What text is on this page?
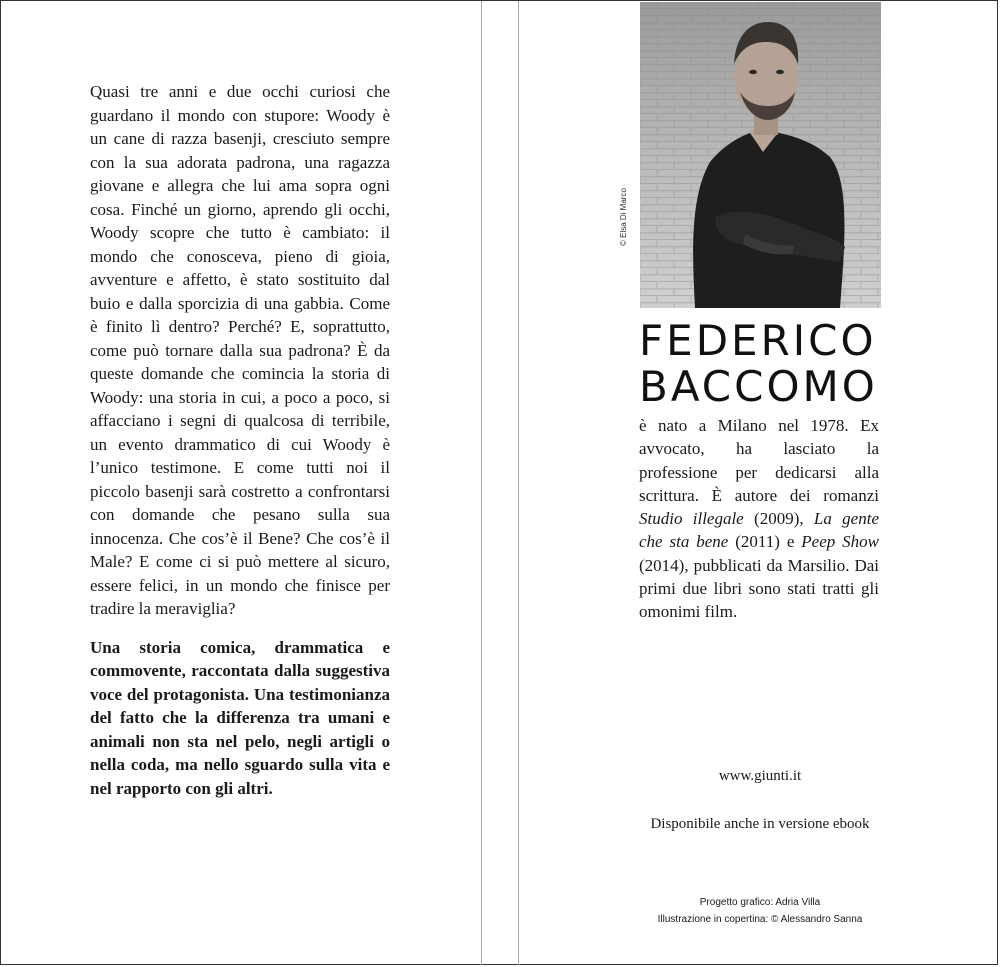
Quasi tre anni e due occhi curiosi che guardano il mondo con stupore: Woody è un cane di razza basenji, cresciuto sempre con la sua adorata padrona, una ragazza giovane e allegra che lui ama sopra ogni cosa. Finché un giorno, aprendo gli occhi, Woody scopre che tutto è cambiato: il mondo che conosceva, pieno di gioia, avventure e affetto, è stato sostituito dal buio e dalla sporcizia di una gabbia. Come è finito lì dentro? Perché? E, soprattutto, come può tornare dalla sua padrona? È da queste domande che comincia la storia di Woody: una storia in cui, a poco a poco, si affacciano i segni di qualcosa di terribile, un evento drammatico di cui Woody è l’unico testimone. E come tutti noi il piccolo basenji sarà costretto a confrontarsi con domande che pesano sulla sua innocenza. Che cos’è il Bene? Che cos’è il Male? E come ci si può mettere al sicuro, essere felici, in un mondo che finisce per tradire la meraviglia?

Una storia comica, drammatica e commovente, raccontata dalla suggestiva voce del protagonista. Una testimonianza del fatto che la differenza tra umani e animali non sta nel pelo, negli artigli o nella coda, ma nello sguardo sulla vita e nel rapporto con gli altri.

© Elsa Di Marco
FEDERICO
BACCOMO
è nato a Milano nel 1978. Ex avvocato, ha lasciato la professione per dedicarsi alla scrittura. È autore dei romanzi Studio illegale (2009), La gente che sta bene (2011) e Peep Show (2014), pubblicati da Marsilio. Dai primi due libri sono stati tratti gli omonimi film.
www.giunti.it
Disponibile anche in versione ebook
Progetto grafico: Adria Villa
Illustrazione in copertina: © Alessandro Sanna
